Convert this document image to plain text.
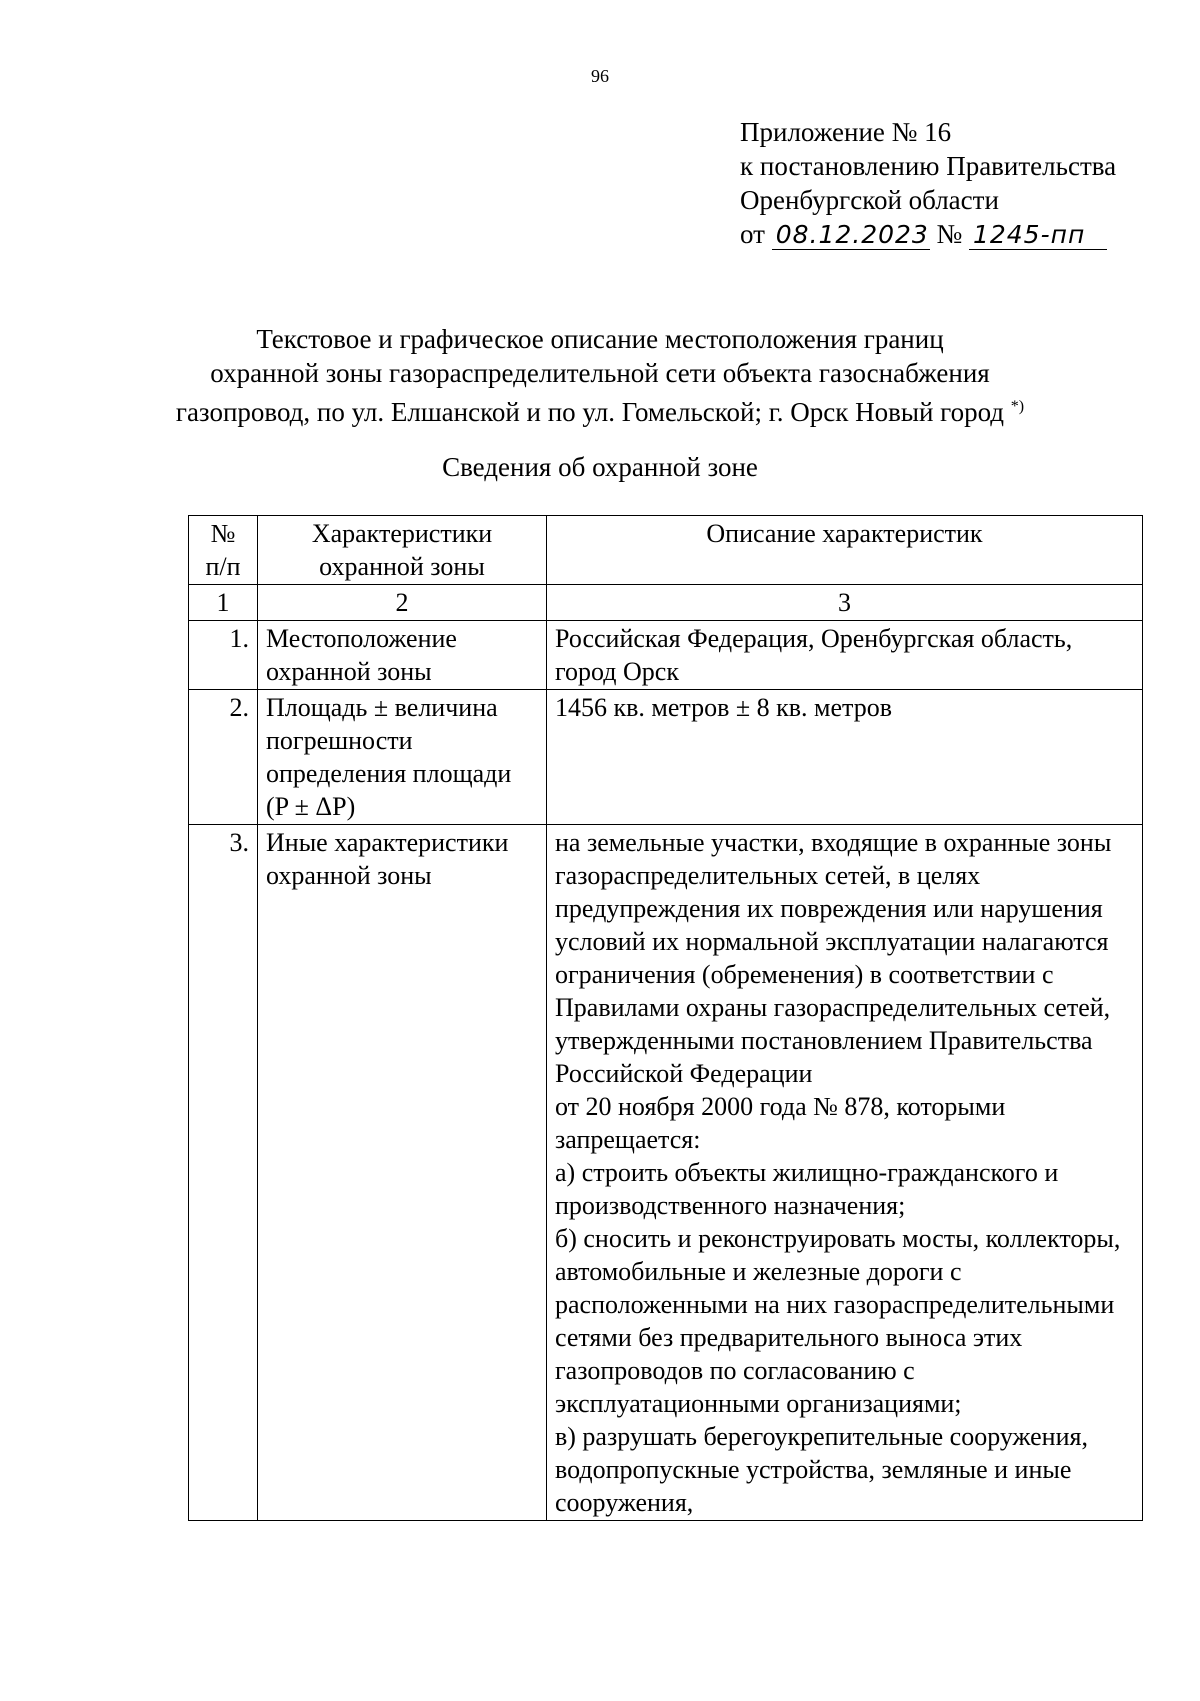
96
Приложение № 16
к постановлению Правительства
Оренбургской области
от 08.12.2023 № 1245-пп
Текстовое и графическое описание местоположения границ
охранной зоны газораспределительной сети объекта газоснабжения
газопровод, по ул. Елшанской и по ул. Гомельской; г. Орск Новый город *)
Сведения об охранной зоне
№ п/п	Характеристики охранной зоны	Описание характеристик
1	2	3
1.	Местоположение охранной зоны	Российская Федерация, Оренбургская область, город Орск
2.	Площадь ± величина погрешности определения площади (P ± ΔP)	1456 кв. метров ± 8 кв. метров
3.	Иные характеристики охранной зоны	на земельные участки, входящие в охранные зоны газораспределительных сетей, в целях предупреждения их повреждения или нарушения условий их нормальной эксплуатации налагаются ограничения (обременения) в соответствии с Правилами охраны газораспределительных сетей, утвержденными постановлением Правительства Российской Федерации
от 20 ноября 2000 года № 878, которыми запрещается:
а) строить объекты жилищно-гражданского и производственного назначения;
б) сносить и реконструировать мосты, коллекторы, автомобильные и железные дороги с расположенными на них газораспределительными сетями без предварительного выноса этих газопроводов по согласованию с эксплуатационными организациями;
в) разрушать берегоукрепительные сооружения, водопропускные устройства, земляные и иные сооружения,
